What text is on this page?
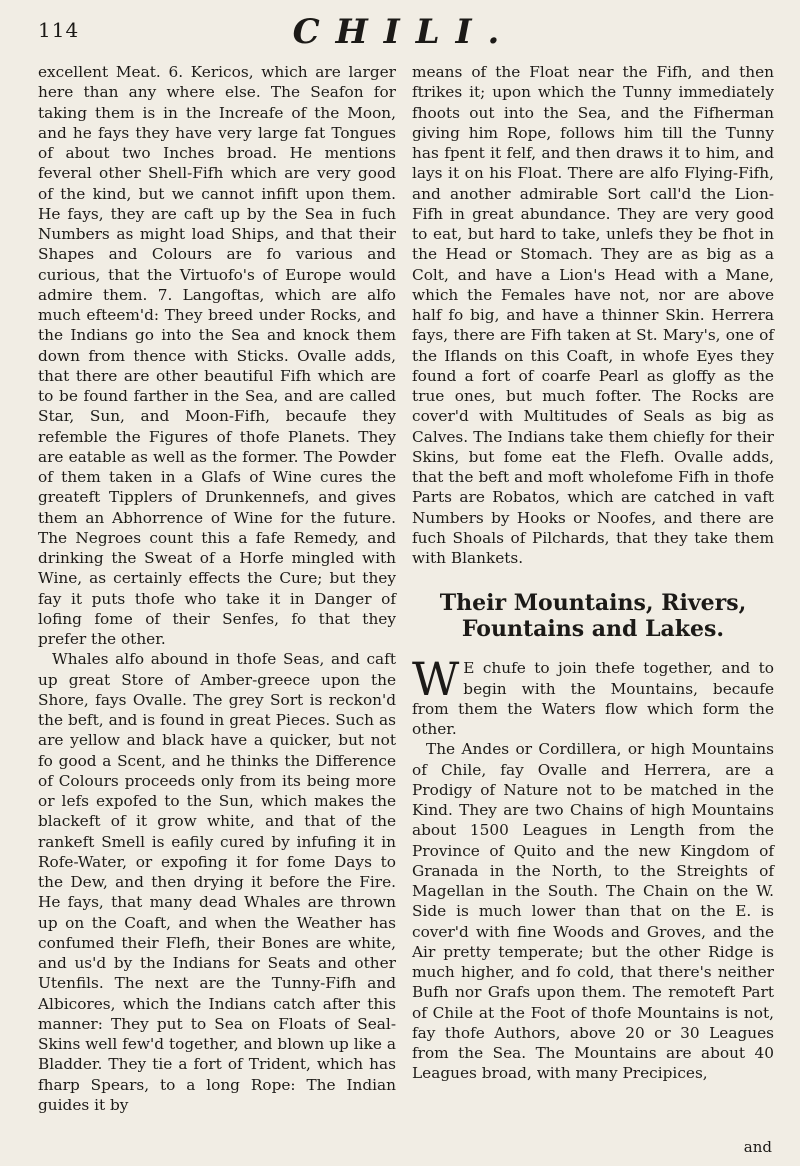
114	CHILI.

excellent Meat. 6. Kericos, which are larger here than any where else. The Seafon for taking them is in the Increafe of the Moon, and he fays they have very large fat Tongues of about two Inches broad. He mentions feveral other Shell-Fifh which are very good of the kind, but we cannot infift upon them. He fays, they are caft up by the Sea in fuch Numbers as might load Ships, and that their Shapes and Colours are fo various and curious, that the Virtuofo's of Europe would admire them. 7. Langoftas, which are alfo much efteem'd: They breed under Rocks, and the Indians go into the Sea and knock them down from thence with Sticks. Ovalle adds, that there are other beautiful Fifh which are to be found farther in the Sea, and are called Star, Sun, and Moon-Fifh, becaufe they refemble the Figures of thofe Planets. They are eatable as well as the former. The Powder of them taken in a Glafs of Wine cures the greateft Tipplers of Drunkennefs, and gives them an Abhorrence of Wine for the future. The Negroes count this a fafe Remedy, and drinking the Sweat of a Horfe mingled with Wine, as certainly effects the Cure; but they fay it puts thofe who take it in Danger of lofing fome of their Senfes, fo that they prefer the other.

Whales alfo abound in thofe Seas, and caft up great Store of Amber-greece upon the Shore, fays Ovalle. The grey Sort is reckon'd the beft, and is found in great Pieces. Such as are yellow and black have a quicker, but not fo good a Scent, and he thinks the Difference of Colours proceeds only from its being more or lefs expofed to the Sun, which makes the blackeft of it grow white, and that of the rankeft Smell is eafily cured by infufing it in Rofe-Water, or expofing it for fome Days to the Dew, and then drying it before the Fire. He fays, that many dead Whales are thrown up on the Coaft, and when the Weather has confumed their Flefh, their Bones are white, and us'd by the Indians for Seats and other Utenfils. The next are the Tunny-Fifh and Albicores, which the Indians catch after this manner: They put to Sea on Floats of Seal-Skins well few'd together, and blown up like a Bladder. They tie a fort of Trident, which has fharp Spears, to a long Rope: The Indian guides it by

means of the Float near the Fifh, and then ftrikes it; upon which the Tunny immediately fhoots out into the Sea, and the Fifherman giving him Rope, follows him till the Tunny has fpent it felf, and then draws it to him, and lays it on his Float. There are alfo Flying-Fifh, and another admirable Sort call'd the Lion-Fifh in great abundance. They are very good to eat, but hard to take, unlefs they be fhot in the Head or Stomach. They are as big as a Colt, and have a Lion's Head with a Mane, which the Females have not, nor are above half fo big, and have a thinner Skin. Herrera fays, there are Fifh taken at St. Mary's, one of the Iflands on this Coaft, in whofe Eyes they found a fort of coarfe Pearl as gloffy as the true ones, but much fofter. The Rocks are cover'd with Multitudes of Seals as big as Calves. The Indians take them chiefly for their Skins, but fome eat the Flefh. Ovalle adds, that the beft and moft wholefome Fifh in thofe Parts are Robatos, which are catched in vaft Numbers by Hooks or Noofes, and there are fuch Shoals of Pilchards, that they take them with Blankets.

Their Mountains, Rivers, Fountains and Lakes.

W E chufe to join thefe together, and to begin with the Mountains, becaufe from them the Waters flow which form the other.

The Andes or Cordillera, or high Mountains of Chile, fay Ovalle and Herrera, are a Prodigy of Nature not to be matched in the Kind. They are two Chains of high Mountains about 1500 Leagues in Length from the Province of Quito and the new Kingdom of Granada in the North, to the Streights of Magellan in the South. The Chain on the W. Side is much lower than that on the E. is cover'd with fine Woods and Groves, and the Air pretty temperate; but the other Ridge is much higher, and fo cold, that there's neither Bufh nor Grafs upon them. The remoteft Part of Chile at the Foot of thofe Mountains is not, fay thofe Authors, above 20 or 30 Leagues from the Sea. The Mountains are about 40 Leagues broad, with many Precipices,

and
